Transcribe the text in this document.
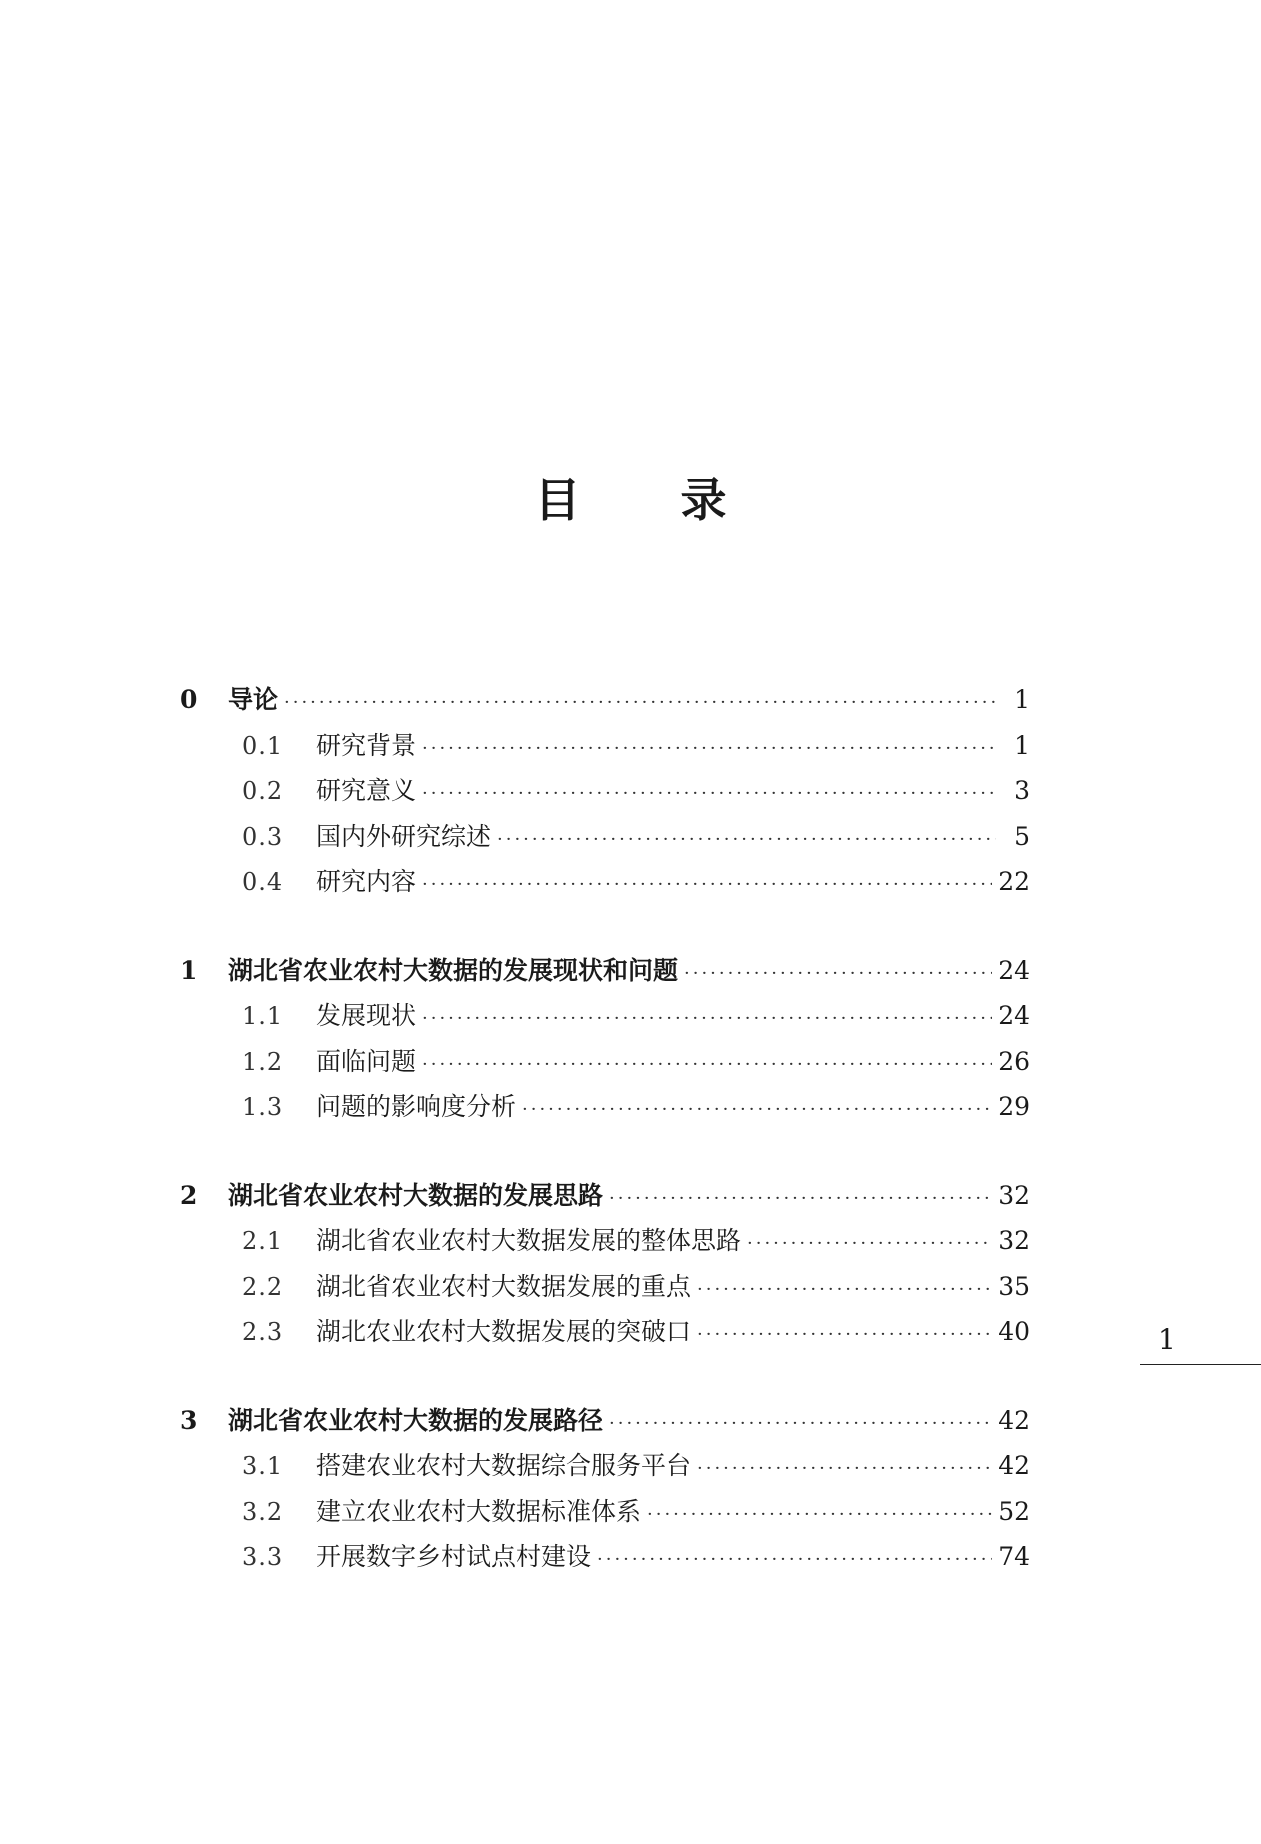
目 录
0	导论 ·····	1
0.1	研究背景 ·····	1
0.2	研究意义 ·····	3
0.3	国内外研究综述 ·····	5
0.4	研究内容 ·····	22
1	湖北省农业农村大数据的发展现状和问题 ·····	24
1.1	发展现状 ·····	24
1.2	面临问题 ·····	26
1.3	问题的影响度分析 ·····	29
2	湖北省农业农村大数据的发展思路 ·····	32
2.1	湖北省农业农村大数据发展的整体思路 ·····	32
2.2	湖北省农业农村大数据发展的重点 ·····	35
2.3	湖北农业农村大数据发展的突破口 ·····	40
3	湖北省农业农村大数据的发展路径 ·····	42
3.1	搭建农业农村大数据综合服务平台 ·····	42
3.2	建立农业农村大数据标准体系 ·····	52
3.3	开展数字乡村试点村建设 ·····	74
1
